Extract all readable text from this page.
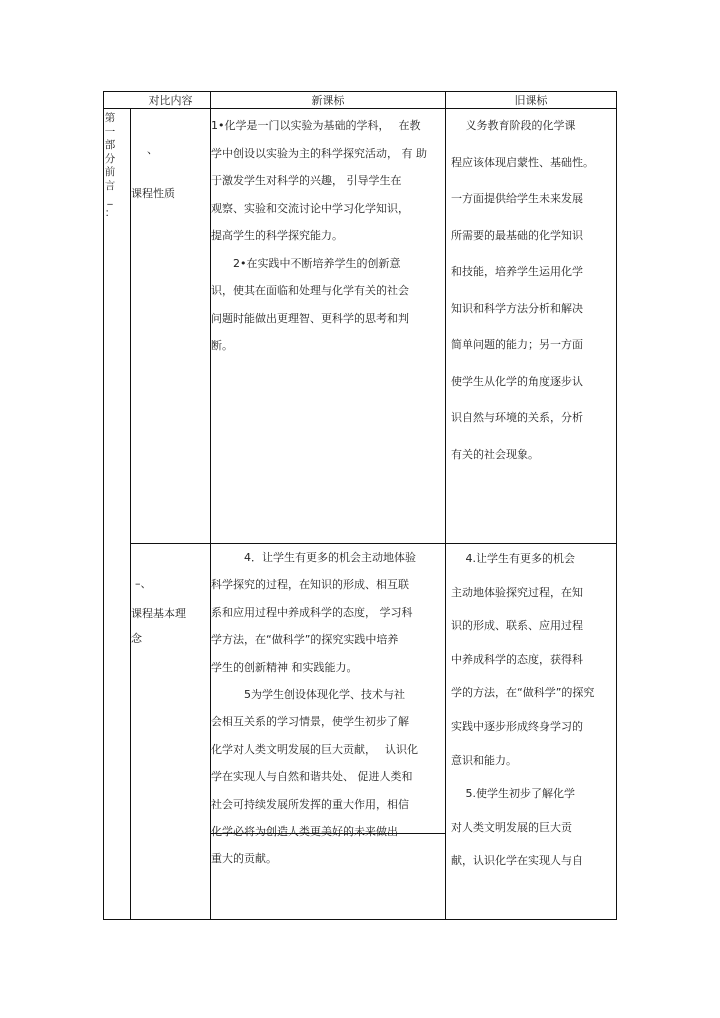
对比内容	新课标	旧课标
第
一
部
分
前
言
_
：
、
课程性质
1•化学是一门以实验为基础的学科，　 在教
学中创设以实验为主的科学探究活动， 有 助
于激发学生对科学的兴趣， 引导学生在
观察、实验和交流讨论中学习化学知识，
提高学生的科学探究能力。
　　2•在实践中不断培养学生的创新意
识，使其在面临和处理与化学有关的社会
问题时能做出更理智、更科学的思考和判
断。
　 义务教育阶段的化学课
程应该体现启蒙性、基础性。
一方面提供给学生未来发展
所需要的最基础的化学知识
和技能，培养学生运用化学
知识和科学方法分析和解决
简单问题的能力；另一方面
使学生从化学的角度逐步认
识自然与环境的关系，分析
有关的社会现象。
–、
课程基本理
念
　　　4．让学生有更多的机会主动地体验
科学探究的过程，在知识的形成、相互联
系和应用过程中养成科学的态度， 学习科
学方法，在“做科学”的探究实践中培养
学生的创新精神 和实践能力。
　　　5为学生创设体现化学、技术与社
会相互关系的学习情景，使学生初步了解
化学对人类文明发展的巨大贡献，　 认识化
学在实现人与自然和谐共处、 促进人类和
社会可持续发展所发挥的重大作用，相信
化学必将为创造人类更美好的未来做出
重大的贡献。
　 4.让学生有更多的机会
主动地体验探究过程，在知
识的形成、联系、应用过程
中养成科学的态度，获得科
学的方法，在“做科学”的探究
实践中逐步形成终身学习的
意识和能力。
　 5.使学生初步了解化学
对人类文明发展的巨大贡
献，认识化学在实现人与自
